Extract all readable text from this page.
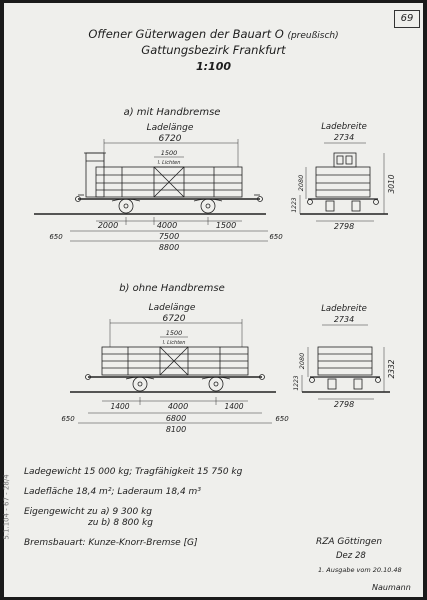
69
Offener Güterwagen der Bauart O (preußisch)
Gattungsbezirk Frankfurt
1:100
a) mit Handbremse
Ladelänge
6720
1500
l. Lichten
2000	4000	1500
7500
650	650
8800
Ladebreite
2734
2798
3010
2080
1223
b) ohne Handbremse
Ladelänge
6720
1500
l. Lichten
1400	4000	1400
6800
650	650
8100
Ladebreite
2734
2798
2332
2080
1223
Ladegewicht 15 000 kg; Tragfähigkeit 15 750 kg
Ladefläche 18,4 m²; Laderaum 18,4 m³
Eigengewicht zu a) 9 300 kg
zu b) 8 800 kg
Bremsbauart: Kunze-Knorr-Bremse [G]	RZA Göttingen
Dez 28
1. Ausgabe vom 20.10.48
Naumann
5.1.104 - 67 - 28/4
